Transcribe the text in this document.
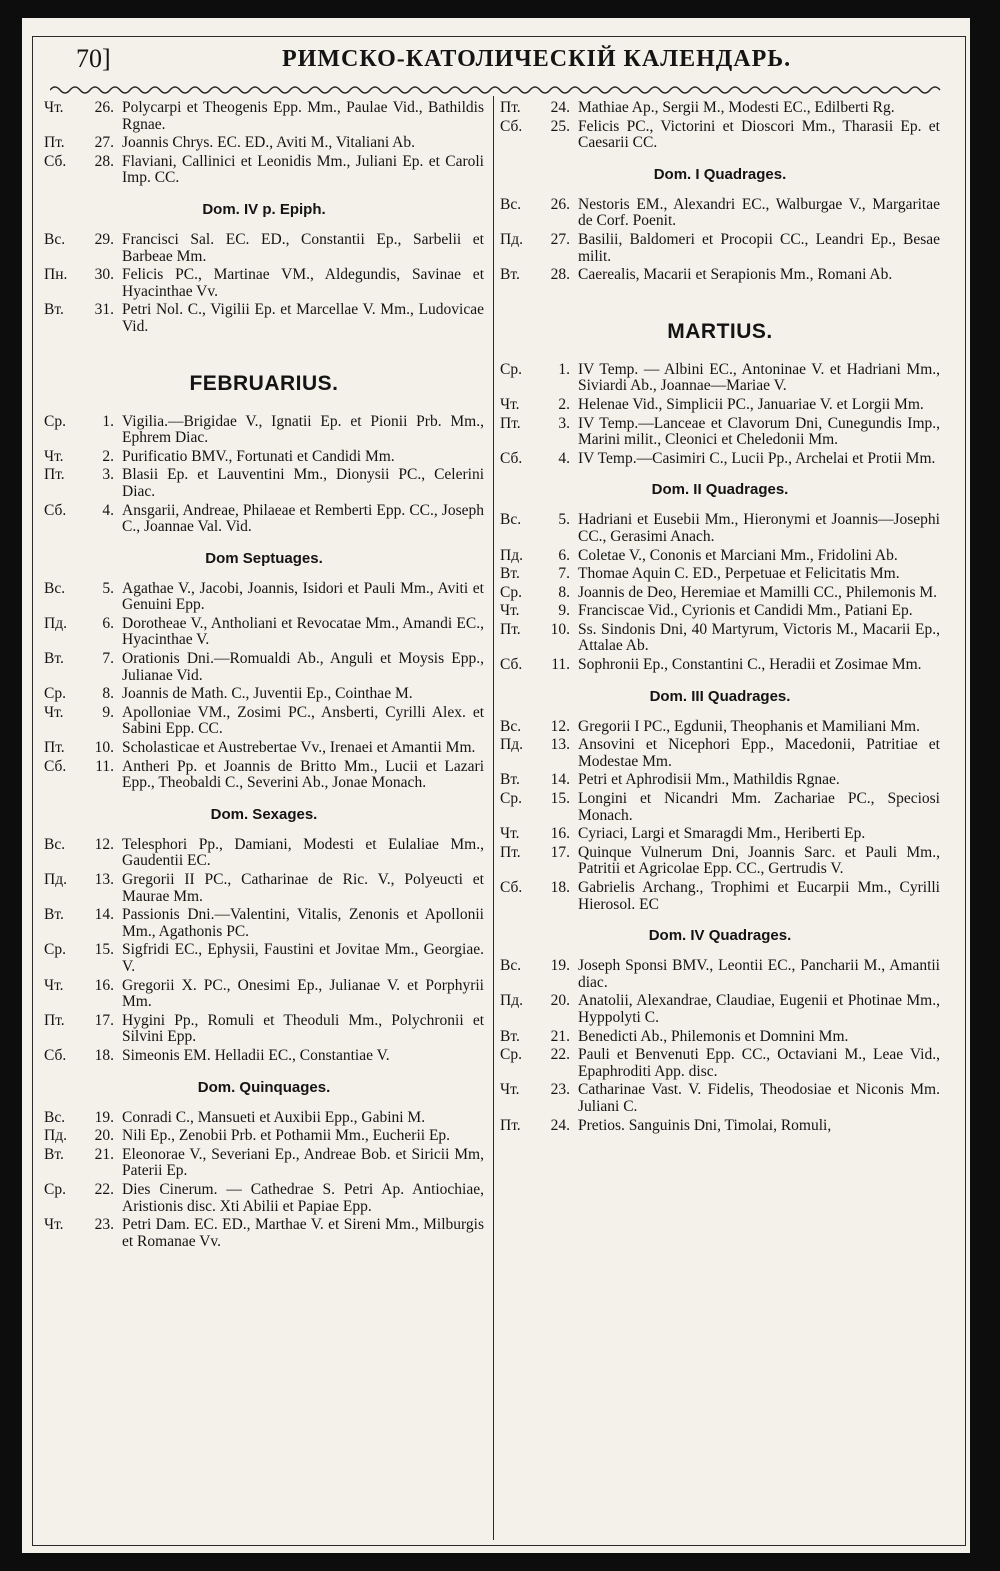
70]	РИМСКО-КАТОЛИЧЕСКІЙ КАЛЕНДАРЬ.
Чт.	26. Polycarpi et Theogenis Epp. Mm., Paulae Vid., Bathildis Rgnae.
Пт.	27. Joannis Chrys. EC. ED., Aviti M., Vitaliani Ab.
Сб.	28. Flaviani, Callinici et Leonidis Mm., Juliani Ep. et Caroli Imp. CC.
Dom. IV p. Epiph.
Вс.	29. Francisci Sal. EC. ED., Constantii Ep., Sarbelii et Barbeae Mm.
Пн.	30. Felicis PC., Martinae VM., Aldegundis, Savinae et Hyacinthae Vv.
Вт.	31. Petri Nol. C., Vigilii Ep. et Marcellae V. Mm., Ludovicae Vid.
FEBRUARIUS.
Ср.	1. Vigilia.—Brigidae V., Ignatii Ep. et Pionii Prb. Mm., Ephrem Diac.
Чт.	2. Purificatio BMV., Fortunati et Candidi Mm.
Пт.	3. Blasii Ep. et Lauventini Mm., Dionysii PC., Celerini Diac.
Сб.	4. Ansgarii, Andreae, Philaeae et Remberti Epp. CC., Joseph C., Joannae Val. Vid.
Dom Septuages.
Вс.	5. Agathae V., Jacobi, Joannis, Isidori et Pauli Mm., Aviti et Genuini Epp.
Пд.	6. Dorotheae V., Antholiani et Revocatae Mm., Amandi EC., Hyacinthae V.
Вт.	7. Orationis Dni.—Romualdi Ab., Anguli et Moysis Epp., Julianae Vid.
Ср.	8. Joannis de Math. C., Juventii Ep., Cointhae M.
Чт.	9. Apolloniae VM., Zosimi PC., Ansberti, Cyrilli Alex. et Sabini Epp. CC.
Пт.	10. Scholasticae et Austrebertae Vv., Irenaei et Amantii Mm.
Сб.	11. Antheri Pp. et Joannis de Britto Mm., Lucii et Lazari Epp., Theobaldi C., Severini Ab., Jonae Monach.
Dom. Sexages.
Вс.	12. Telesphori Pp., Damiani, Modesti et Eulaliae Mm., Gaudentii EC.
Пд.	13. Gregorii II PC., Catharinae de Ric. V., Polyeucti et Maurae Mm.
Вт.	14. Passionis Dni.—Valentini, Vitalis, Zenonis et Apollonii Mm., Agathonis PC.
Ср.	15. Sigfridi EC., Ephysii, Faustini et Jovitae Mm., Georgiae. V.
Чт.	16. Gregorii X. PC., Onesimi Ep., Julianae V. et Porphyrii Mm.
Пт.	17. Hygini Pp., Romuli et Theoduli Mm., Polychronii et Silvini Epp.
Сб.	18. Simeonis EM. Helladii EC., Constantiae V.
Dom. Quinquages.
Вс.	19. Conradi C., Mansueti et Auxibii Epp., Gabini M.
Пд.	20. Nili Ep., Zenobii Prb. et Pothamii Mm., Eucherii Ep.
Вт.	21. Eleonorae V., Severiani Ep., Andreae Bob. et Siricii Mm, Paterii Ep.
Ср.	22. Dies Cinerum. — Cathedrae S. Petri Ap. Antiochiae, Aristionis disc. Xti Abilii et Papiae Epp.
Чт.	23. Petri Dam. EC. ED., Marthae V. et Sireni Mm., Milburgis et Romanae Vv.
Пт.	24. Mathiae Ap., Sergii M., Modesti EC., Edilberti Rg.
Сб.	25. Felicis PC., Victorini et Dioscori Mm., Tharasii Ep. et Caesarii CC.
Dom. I Quadrages.
Вс.	26. Nestoris EM., Alexandri EC., Walburgae V., Margaritae de Corf. Poenit.
Пд.	27. Basilii, Baldomeri et Procopii CC., Leandri Ep., Besae milit.
Вт.	28. Caerealis, Macarii et Serapionis Mm., Romani Ab.
MARTIUS.
Ср.	1. IV Temp. — Albini EC., Antoninae V. et Hadriani Mm., Siviardi Ab., Joannae—Mariae V.
Чт.	2. Helenae Vid., Simplicii PC., Januariae V. et Lorgii Mm.
Пт.	3. IV Temp.—Lanceae et Clavorum Dni, Cunegundis Imp., Marini milit., Cleonici et Cheledonii Mm.
Сб.	4. IV Temp.—Casimiri C., Lucii Pp., Archelai et Protii Mm.
Dom. II Quadrages.
Вс.	5. Hadriani et Eusebii Mm., Hieronymi et Joannis—Josephi CC., Gerasimi Anach.
Пд.	6. Coletae V., Cononis et Marciani Mm., Fridolini Ab.
Вт.	7. Thomae Aquin C. ED., Perpetuae et Felicitatis Mm.
Ср.	8. Joannis de Deo, Heremiae et Mamilli CC., Philemonis M.
Чт.	9. Franciscae Vid., Cyrionis et Candidi Mm., Patiani Ep.
Пт.	10. Ss. Sindonis Dni, 40 Martyrum, Victoris M., Macarii Ep., Attalae Ab.
Сб.	11. Sophronii Ep., Constantini C., Heradii et Zosimae Mm.
Dom. III Quadrages.
Вс.	12. Gregorii I PC., Egdunii, Theophanis et Mamiliani Mm.
Пд.	13. Ansovini et Nicephori Epp., Macedonii, Patritiae et Modestae Mm.
Вт.	14. Petri et Aphrodisii Mm., Mathildis Rgnae.
Ср.	15. Longini et Nicandri Mm. Zachariae PC., Speciosi Monach.
Чт.	16. Cyriaci, Largi et Smaragdi Mm., Heriberti Ep.
Пт.	17. Quinque Vulnerum Dni, Joannis Sarc. et Pauli Mm., Patritii et Agricolae Epp. CC., Gertrudis V.
Сб.	18. Gabrielis Archang., Trophimi et Eucarpii Mm., Cyrilli Hierosol. EC
Dom. IV Quadrages.
Вс.	19. Joseph Sponsi BMV., Leontii EC., Pancharii M., Amantii diac.
Пд.	20. Anatolii, Alexandrae, Claudiae, Eugenii et Photinae Mm., Hyppolyti C.
Вт.	21. Benedicti Ab., Philemonis et Domnini Mm.
Ср.	22. Pauli et Benvenuti Epp. CC., Octaviani M., Leae Vid., Epaphroditi App. disc.
Чт.	23. Catharinae Vast. V. Fidelis, Theodosiae et Niconis Mm. Juliani C.
Пт.	24. Pretios. Sanguinis Dni, Timolai, Romuli,
